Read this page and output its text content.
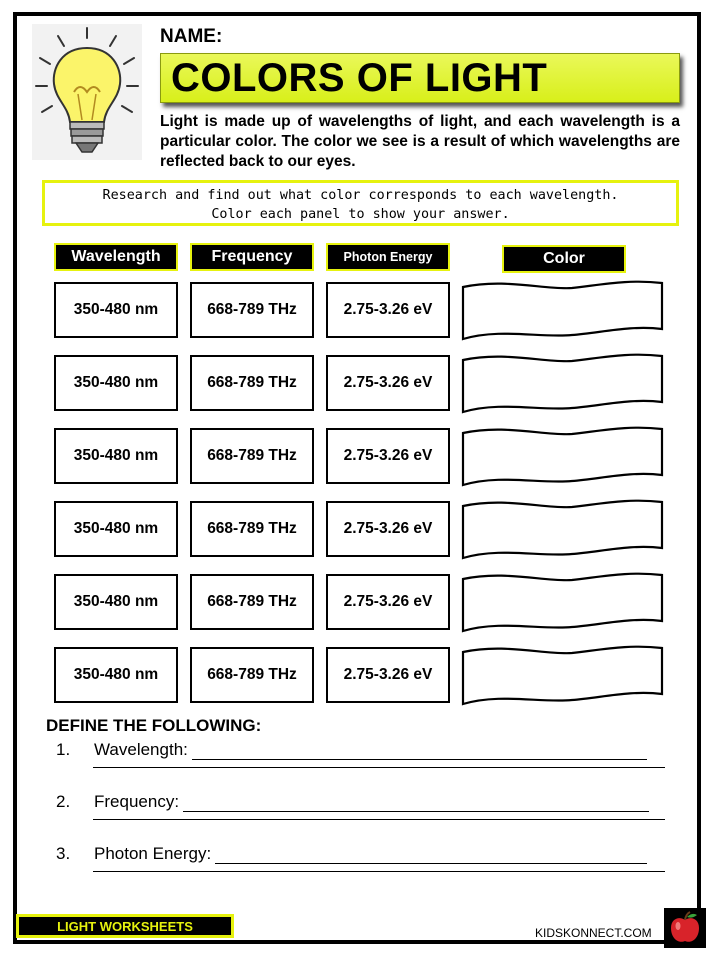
NAME:
COLORS OF LIGHT
Light is made up of wavelengths of light, and each wavelength is a particular color. The color we see is a result of which wavelengths are reflected back to our eyes.
Research and find out what color corresponds to each wavelength.
Color each panel to show your answer.
Wavelength	Frequency	Photon Energy	Color
350-480 nm	668-789 THz	2.75-3.26 eV
350-480 nm	668-789 THz	2.75-3.26 eV
350-480 nm	668-789 THz	2.75-3.26 eV
350-480 nm	668-789 THz	2.75-3.26 eV
350-480 nm	668-789 THz	2.75-3.26 eV
350-480 nm	668-789 THz	2.75-3.26 eV
DEFINE THE FOLLOWING:
1.	Wavelength:
2.	Frequency:
3.	Photon Energy:
LIGHT WORKSHEETS	KIDSKONNECT.COM
